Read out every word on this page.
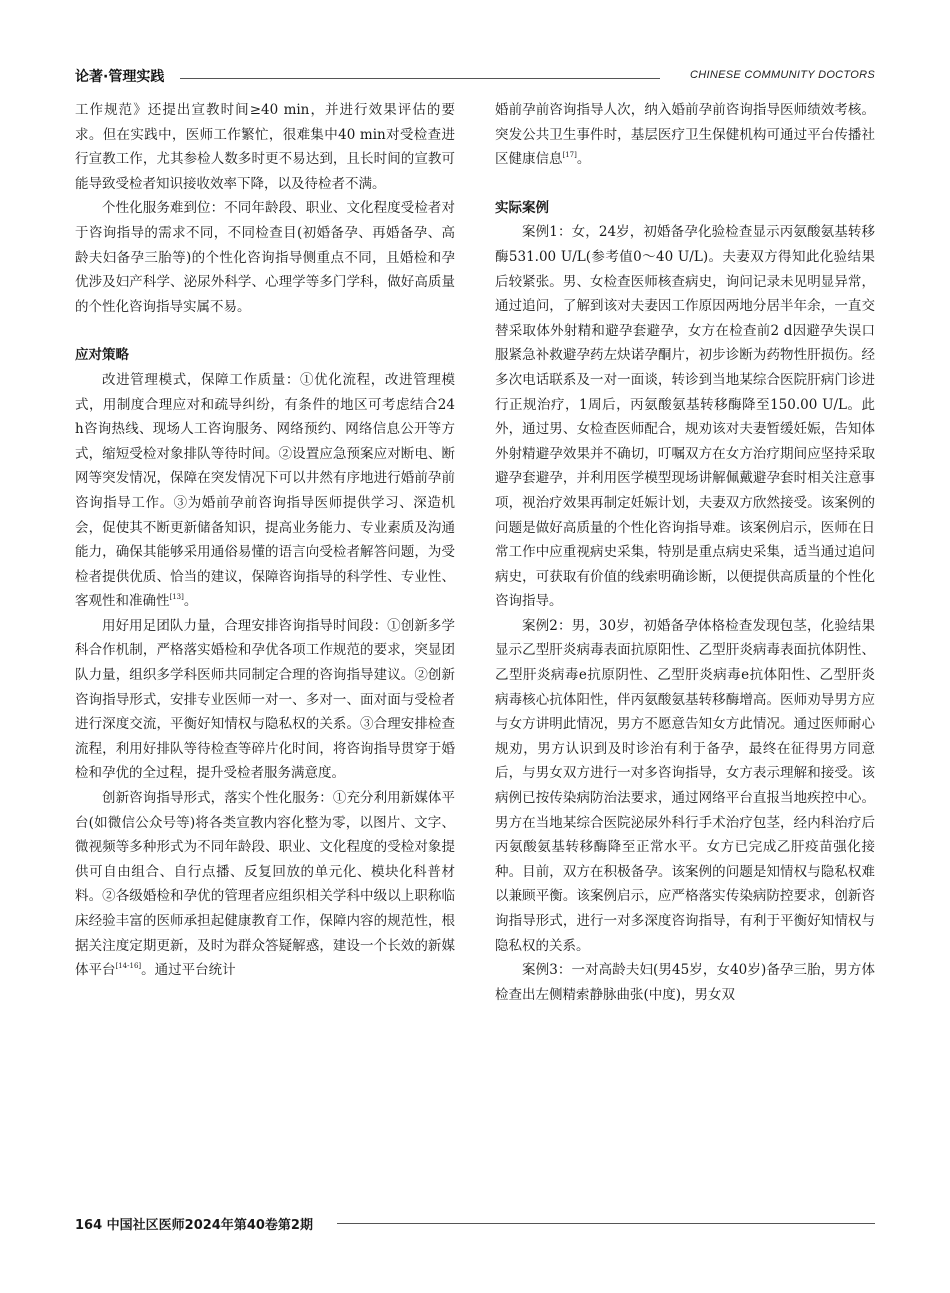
论著·管理实践	CHINESE COMMUNITY DOCTORS

工作规范》还提出宣教时间≥40 min，并进行效果评估的要求。但在实践中，医师工作繁忙，很难集中40 min对受检查进行宣教工作，尤其参检人数多时更不易达到，且长时间的宣教可能导致受检者知识接收效率下降，以及待检者不满。

个性化服务难到位：不同年龄段、职业、文化程度受检者对于咨询指导的需求不同，不同检查目(初婚备孕、再婚备孕、高龄夫妇备孕三胎等)的个性化咨询指导侧重点不同，且婚检和孕优涉及妇产科学、泌尿外科学、心理学等多门学科，做好高质量的个性化咨询指导实属不易。

应对策略

改进管理模式，保障工作质量：①优化流程，改进管理模式，用制度合理应对和疏导纠纷，有条件的地区可考虑结合24 h咨询热线、现场人工咨询服务、网络预约、网络信息公开等方式，缩短受检对象排队等待时间。②设置应急预案应对断电、断网等突发情况，保障在突发情况下可以井然有序地进行婚前孕前咨询指导工作。③为婚前孕前咨询指导医师提供学习、深造机会，促使其不断更新储备知识，提高业务能力、专业素质及沟通能力，确保其能够采用通俗易懂的语言向受检者解答问题，为受检者提供优质、恰当的建议，保障咨询指导的科学性、专业性、客观性和准确性[13]。

用好用足团队力量，合理安排咨询指导时间段：①创新多学科合作机制，严格落实婚检和孕优各项工作规范的要求，突显团队力量，组织多学科医师共同制定合理的咨询指导建议。②创新咨询指导形式，安排专业医师一对一、多对一、面对面与受检者进行深度交流，平衡好知情权与隐私权的关系。③合理安排检查流程，利用好排队等待检查等碎片化时间，将咨询指导贯穿于婚检和孕优的全过程，提升受检者服务满意度。

创新咨询指导形式，落实个性化服务：①充分利用新媒体平台(如微信公众号等)将各类宣教内容化整为零，以图片、文字、微视频等多种形式为不同年龄段、职业、文化程度的受检对象提供可自由组合、自行点播、反复回放的单元化、模块化科普材料。②各级婚检和孕优的管理者应组织相关学科中级以上职称临床经验丰富的医师承担起健康教育工作，保障内容的规范性，根据关注度定期更新，及时为群众答疑解惑，建设一个长效的新媒体平台[14-16]。通过平台统计

婚前孕前咨询指导人次，纳入婚前孕前咨询指导医师绩效考核。突发公共卫生事件时，基层医疗卫生保健机构可通过平台传播社区健康信息[17]。

实际案例

案例1：女，24岁，初婚备孕化验检查显示丙氨酸氨基转移酶531.00 U/L(参考值0～40 U/L)。夫妻双方得知此化验结果后较紧张。男、女检查医师核查病史，询问记录未见明显异常，通过追问，了解到该对夫妻因工作原因两地分居半年余，一直交替采取体外射精和避孕套避孕，女方在检查前2 d因避孕失误口服紧急补救避孕药左炔诺孕酮片，初步诊断为药物性肝损伤。经多次电话联系及一对一面谈，转诊到当地某综合医院肝病门诊进行正规治疗，1周后，丙氨酸氨基转移酶降至150.00 U/L。此外，通过男、女检查医师配合，规劝该对夫妻暂缓妊娠，告知体外射精避孕效果并不确切，叮嘱双方在女方治疗期间应坚持采取避孕套避孕，并利用医学模型现场讲解佩戴避孕套时相关注意事项，视治疗效果再制定妊娠计划，夫妻双方欣然接受。该案例的问题是做好高质量的个性化咨询指导难。该案例启示，医师在日常工作中应重视病史采集，特别是重点病史采集，适当通过追问病史，可获取有价值的线索明确诊断，以便提供高质量的个性化咨询指导。

案例2：男，30岁，初婚备孕体格检查发现包茎，化验结果显示乙型肝炎病毒表面抗原阳性、乙型肝炎病毒表面抗体阴性、乙型肝炎病毒e抗原阴性、乙型肝炎病毒e抗体阳性、乙型肝炎病毒核心抗体阳性，伴丙氨酸氨基转移酶增高。医师劝导男方应与女方讲明此情况，男方不愿意告知女方此情况。通过医师耐心规劝，男方认识到及时诊治有利于备孕，最终在征得男方同意后，与男女双方进行一对多咨询指导，女方表示理解和接受。该病例已按传染病防治法要求，通过网络平台直报当地疾控中心。男方在当地某综合医院泌尿外科行手术治疗包茎，经内科治疗后丙氨酸氨基转移酶降至正常水平。女方已完成乙肝疫苗强化接种。目前，双方在积极备孕。该案例的问题是知情权与隐私权难以兼顾平衡。该案例启示，应严格落实传染病防控要求，创新咨询指导形式，进行一对多深度咨询指导，有利于平衡好知情权与隐私权的关系。

案例3：一对高龄夫妇(男45岁，女40岁)备孕三胎，男方体检查出左侧精索静脉曲张(中度)，男女双

164 中国社区医师2024年第40卷第2期
